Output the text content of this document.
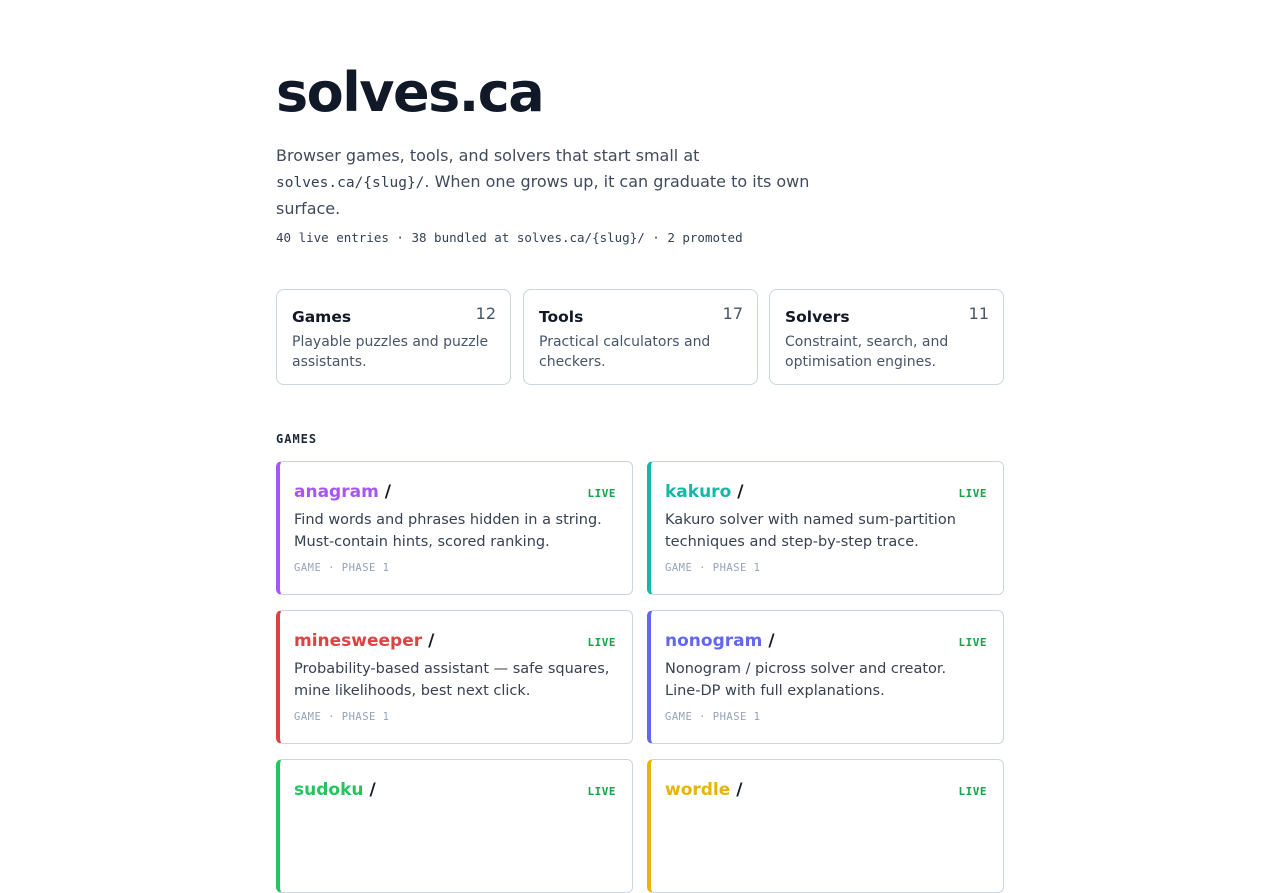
solves.ca

Browser games, tools, and solvers that start small at solves.ca/{slug}/. When one grows up, it can graduate to its own surface.

40 live entries · 38 bundled at solves.ca/{slug}/ · 2 promoted
Games	12
Playable puzzles and puzzle assistants.
Tools	17
Practical calculators and checkers.
Solvers	11
Constraint, search, and optimisation engines.
GAMES
anagram /	LIVE

Find words and phrases hidden in a string. Must-contain hints, scored ranking.

GAME · PHASE 1
kakuro /	LIVE

Kakuro solver with named sum-partition techniques and step-by-step trace.

GAME · PHASE 1
minesweeper /	LIVE

Probability-based assistant — safe squares, mine likelihoods, best next click.

GAME · PHASE 1
nonogram /	LIVE

Nonogram / picross solver and creator. Line-DP with full explanations.

GAME · PHASE 1
sudoku /	LIVE	wordle /	LIVE
